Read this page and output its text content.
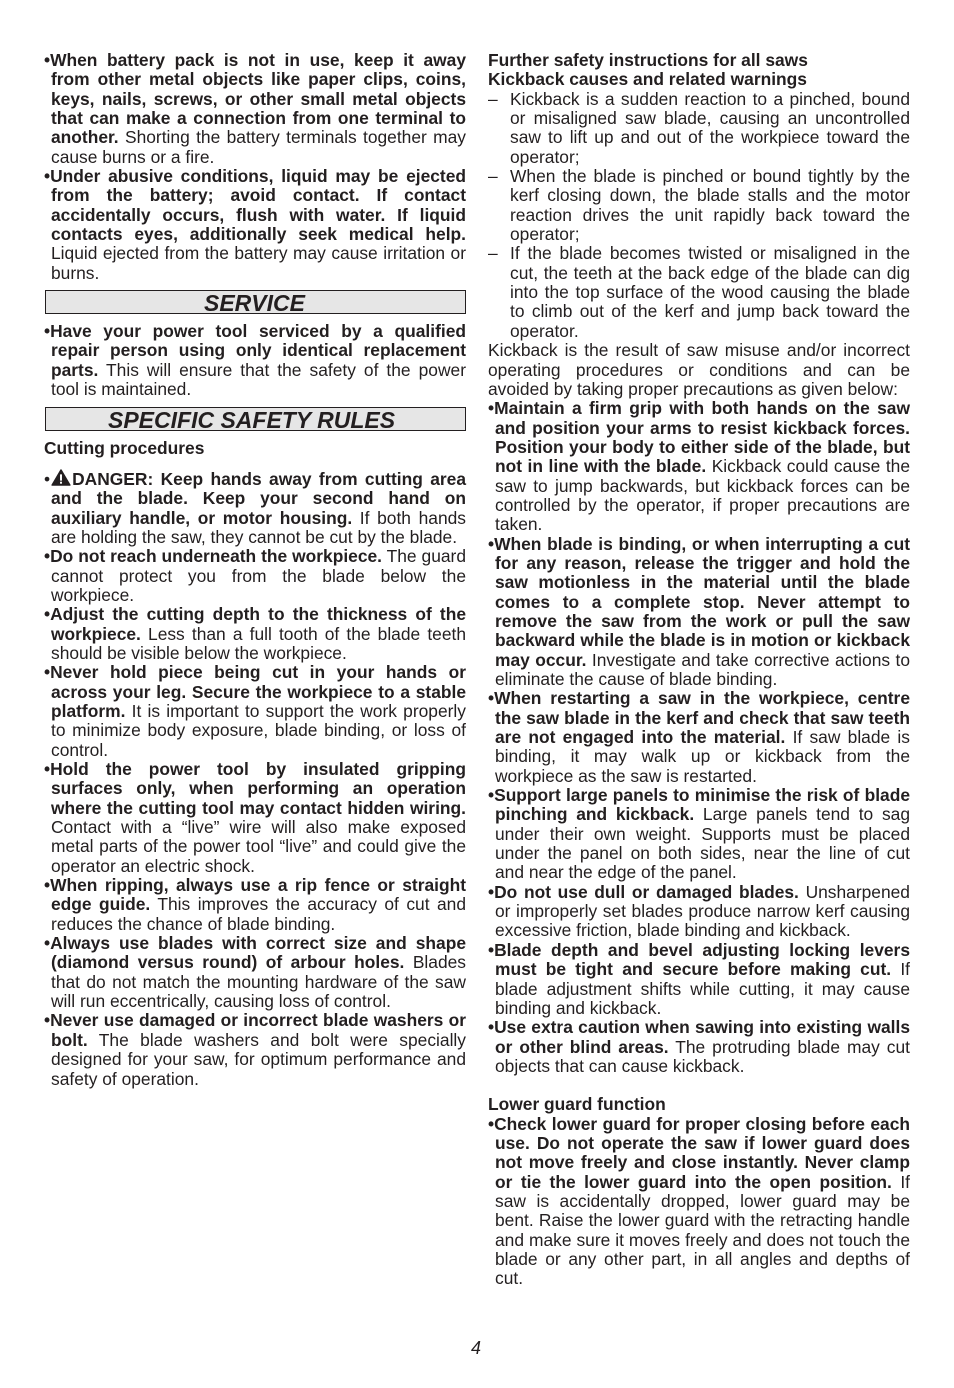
•When battery pack is not in use, keep it away from other metal objects like paper clips, coins, keys, nails, screws, or other small metal objects that can make a connection from one terminal to another. Shorting the battery terminals together may cause burns or a fire.

•Under abusive conditions, liquid may be ejected from the battery; avoid contact. If contact accidentally occurs, flush with water. If liquid contacts eyes, additionally seek medical help. Liquid ejected from the battery may cause irritation or burns.

SERVICE

•Have your power tool serviced by a qualified repair person using only identical replacement parts. This will ensure that the safety of the power tool is maintained.

SPECIFIC SAFETY RULES

Cutting procedures

• DANGER: Keep hands away from cutting area and the blade. Keep your second hand on auxiliary handle, or motor housing. If both hands are holding the saw, they cannot be cut by the blade.

•Do not reach underneath the workpiece. The guard cannot protect you from the blade below the workpiece.

•Adjust the cutting depth to the thickness of the workpiece. Less than a full tooth of the blade teeth should be visible below the workpiece.

•Never hold piece being cut in your hands or across your leg. Secure the workpiece to a stable platform. It is important to support the work properly to minimize body exposure, blade binding, or loss of control.

•Hold the power tool by insulated gripping surfaces only, when performing an operation where the cutting tool may contact hidden wiring. Contact with a “live” wire will also make exposed metal parts of the power tool “live” and could give the operator an electric shock.

•When ripping, always use a rip fence or straight edge guide. This improves the accuracy of cut and reduces the chance of blade binding.

•Always use blades with correct size and shape (diamond versus round) of arbour holes. Blades that do not match the mounting hardware of the saw will run eccentrically, causing loss of control.

•Never use damaged or incorrect blade washers or bolt. The blade washers and bolt were specially designed for your saw, for optimum performance and safety of operation.

Further safety instructions for all saws

Kickback causes and related warnings

– Kickback is a sudden reaction to a pinched, bound or misaligned saw blade, causing an uncontrolled saw to lift up and out of the workpiece toward the operator;

– When the blade is pinched or bound tightly by the kerf closing down, the blade stalls and the motor reaction drives the unit rapidly back toward the operator;

– If the blade becomes twisted or misaligned in the cut, the teeth at the back edge of the blade can dig into the top surface of the wood causing the blade to climb out of the kerf and jump back toward the operator.

Kickback is the result of saw misuse and/or incorrect operating procedures or conditions and can be avoided by taking proper precautions as given below:

•Maintain a firm grip with both hands on the saw and position your arms to resist kickback forces. Position your body to either side of the blade, but not in line with the blade. Kickback could cause the saw to jump backwards, but kickback forces can be controlled by the operator, if proper precautions are taken.

•When blade is binding, or when interrupting a cut for any reason, release the trigger and hold the saw motionless in the material until the blade comes to a complete stop. Never attempt to remove the saw from the work or pull the saw backward while the blade is in motion or kickback may occur. Investigate and take corrective actions to eliminate the cause of blade binding.

•When restarting a saw in the workpiece, centre the saw blade in the kerf and check that saw teeth are not engaged into the material. If saw blade is binding, it may walk up or kickback from the workpiece as the saw is restarted.

•Support large panels to minimise the risk of blade pinching and kickback. Large panels tend to sag under their own weight. Supports must be placed under the panel on both sides, near the line of cut and near the edge of the panel.

•Do not use dull or damaged blades. Unsharpened or improperly set blades produce narrow kerf causing excessive friction, blade binding and kickback.

•Blade depth and bevel adjusting locking levers must be tight and secure before making cut. If blade adjustment shifts while cutting, it may cause binding and kickback.

•Use extra caution when sawing into existing walls or other blind areas. The protruding blade may cut objects that can cause kickback.

Lower guard function

•Check lower guard for proper closing before each use. Do not operate the saw if lower guard does not move freely and close instantly. Never clamp or tie the lower guard into the open position. If saw is accidentally dropped, lower guard may be bent. Raise the lower guard with the retracting handle and make sure it moves freely and does not touch the blade or any other part, in all angles and depths of cut.

4
